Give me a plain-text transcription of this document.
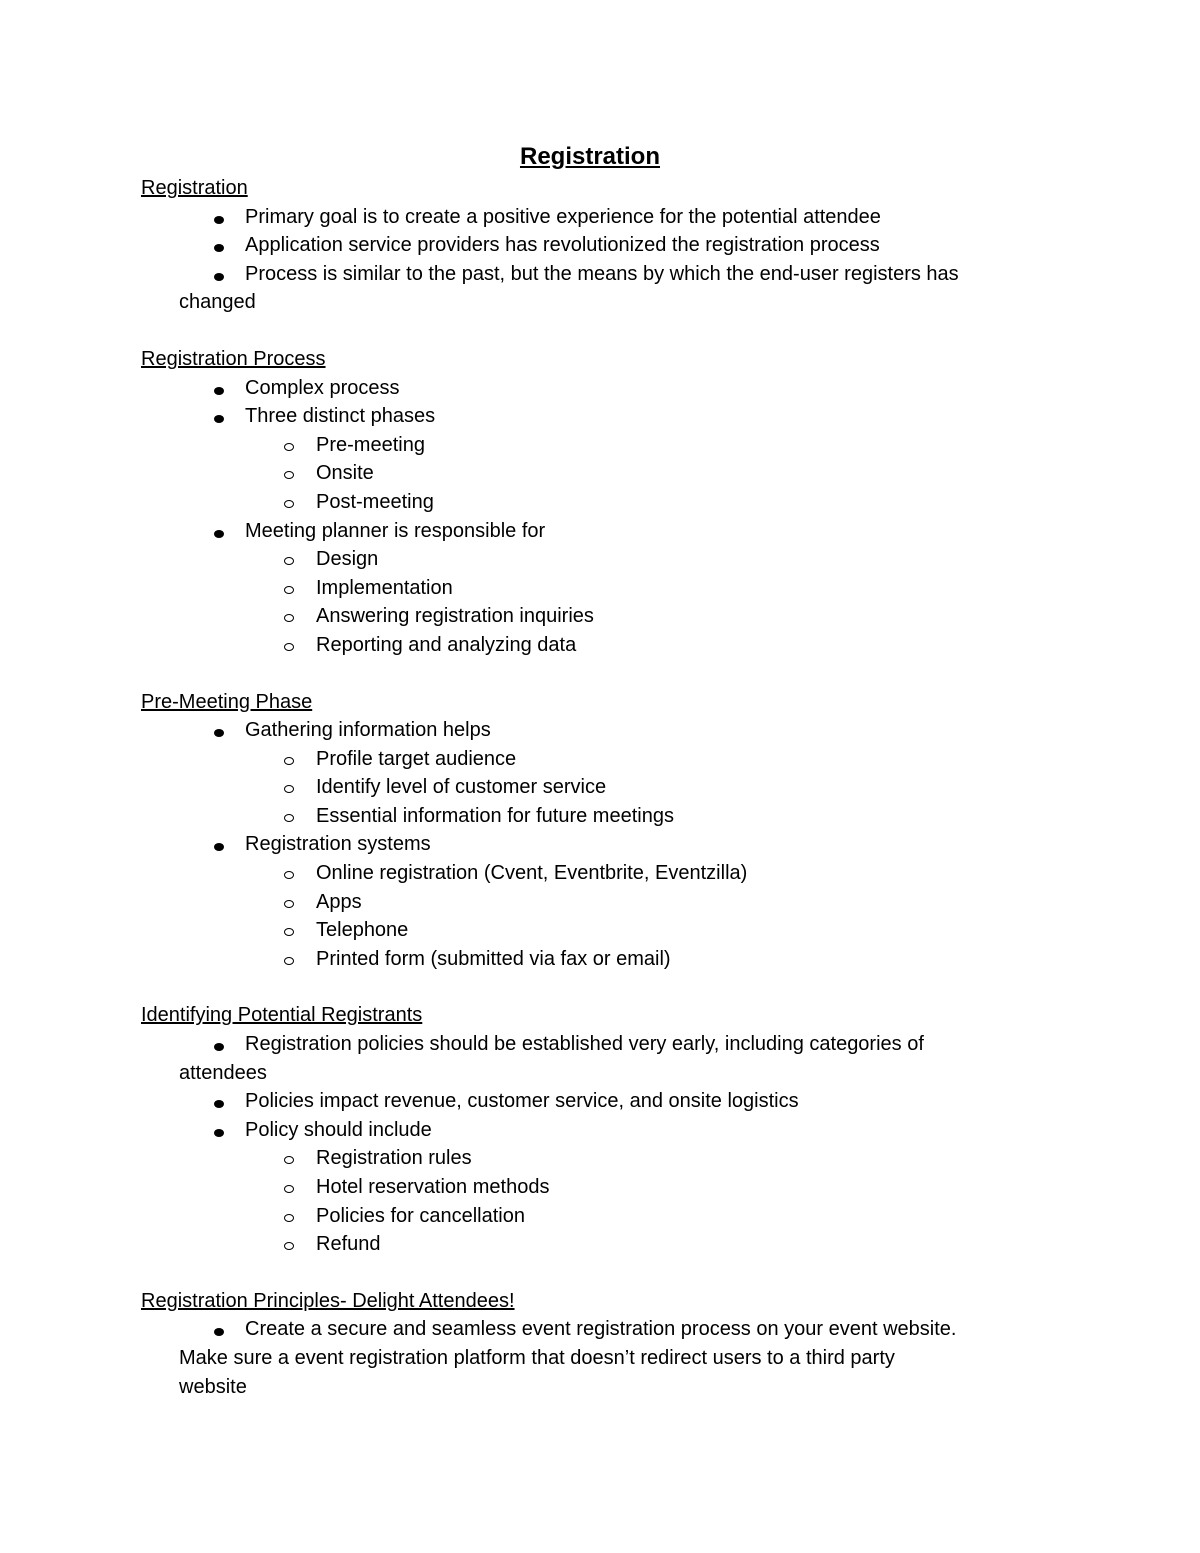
Registration
Registration
Primary goal is to create a positive experience for the potential attendee
Application service providers has revolutionized the registration process
Process is similar to the past, but the means by which the end-user registers has
changed
Registration Process
Complex process
Three distinct phases
Pre-meeting
Onsite
Post-meeting
Meeting planner is responsible for
Design
Implementation
Answering registration inquiries
Reporting and analyzing data
Pre-Meeting Phase
Gathering information helps
Profile target audience
Identify level of customer service
Essential information for future meetings
Registration systems
Online registration (Cvent, Eventbrite, Eventzilla)
Apps
Telephone
Printed form (submitted via fax or email)
Identifying Potential Registrants
Registration policies should be established very early, including categories of
attendees
Policies impact revenue, customer service, and onsite logistics
Policy should include
Registration rules
Hotel reservation methods
Policies for cancellation
Refund
Registration Principles- Delight Attendees!
Create a secure and seamless event registration process on your event website.
Make sure a event registration platform that doesn’t redirect users to a third party
website
